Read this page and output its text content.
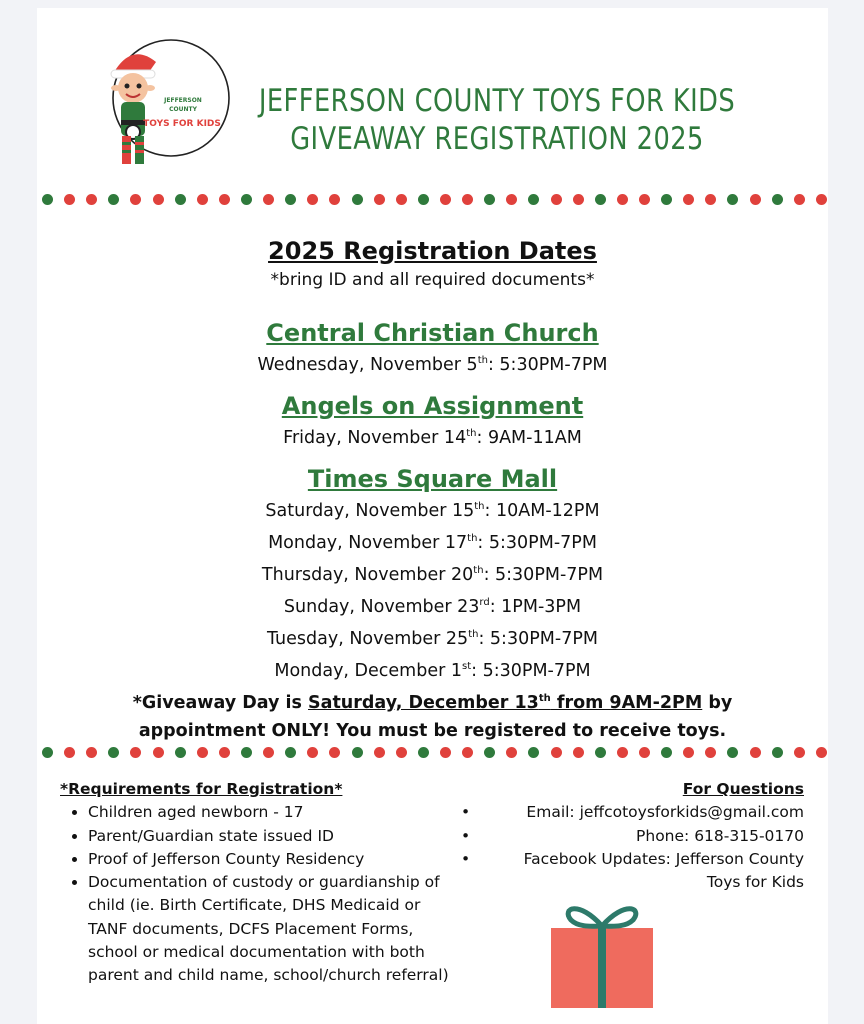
JEFFERSON
COUNTY
TOYS FOR KIDS
JEFFERSON COUNTY TOYS FOR KIDS
GIVEAWAY REGISTRATION 2025
2025 Registration Dates
*bring ID and all required documents*
Central Christian Church
Wednesday, November 5th: 5:30PM-7PM
Angels on Assignment
Friday, November 14th: 9AM-11AM
Times Square Mall
Saturday, November 15th: 10AM-12PM
Monday, November 17th: 5:30PM-7PM
Thursday, November 20th: 5:30PM-7PM
Sunday, November 23rd: 1PM-3PM
Tuesday, November 25th: 5:30PM-7PM
Monday, December 1st: 5:30PM-7PM
*Giveaway Day is Saturday, December 13th from 9AM-2PM by
appointment ONLY! You must be registered to receive toys.
*Requirements for Registration*
• Children aged newborn - 17
• Parent/Guardian state issued ID
• Proof of Jefferson County Residency
• Documentation of custody or guardianship of child (ie. Birth Certificate, DHS Medicaid or TANF documents, DCFS Placement Forms, school or medical documentation with both parent and child name, school/church referral)
For Questions
•	Email: jeffcotoysforkids@gmail.com
•	Phone: 618-315-0170
•	Facebook Updates: Jefferson County
Toys for Kids
